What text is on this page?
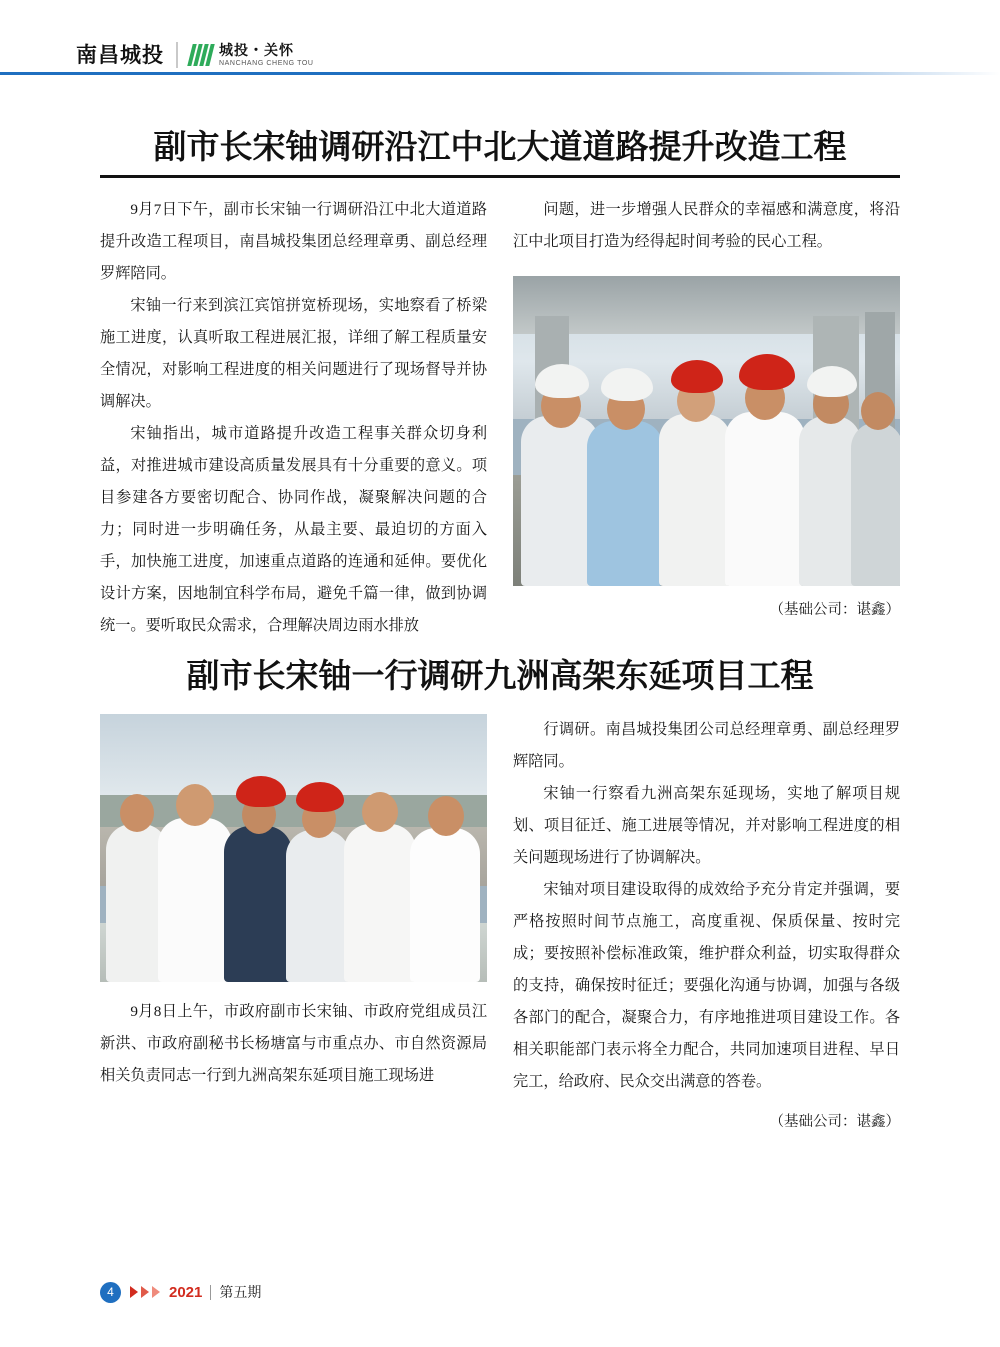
南昌城投	城投・关怀
NANCHANG CHENG TOU
副市长宋铀调研沿江中北大道道路提升改造工程

9月7日下午，副市长宋铀一行调研沿江中北大道道路提升改造工程项目，南昌城投集团总经理章勇、副总经理罗辉陪同。

宋铀一行来到滨江宾馆拼宽桥现场，实地察看了桥梁施工进度，认真听取工程进展汇报，详细了解工程质量安全情况，对影响工程进度的相关问题进行了现场督导并协调解决。

宋铀指出，城市道路提升改造工程事关群众切身利益，对推进城市建设高质量发展具有十分重要的意义。项目参建各方要密切配合、协同作战，凝聚解决问题的合力；同时进一步明确任务，从最主要、最迫切的方面入手，加快施工进度，加速重点道路的连通和延伸。要优化设计方案，因地制宜科学布局，避免千篇一律，做到协调统一。要听取民众需求，合理解决周边雨水排放

问题，进一步增强人民群众的幸福感和满意度，将沿江中北项目打造为经得起时间考验的民心工程。

（基础公司：谌鑫）
副市长宋铀一行调研九洲高架东延项目工程

9月8日上午，市政府副市长宋铀、市政府党组成员江新洪、市政府副秘书长杨塘富与市重点办、市自然资源局相关负责同志一行到九洲高架东延项目施工现场进

行调研。南昌城投集团公司总经理章勇、副总经理罗辉陪同。

宋铀一行察看九洲高架东延现场，实地了解项目规划、项目征迁、施工进展等情况，并对影响工程进度的相关问题现场进行了协调解决。

宋铀对项目建设取得的成效给予充分肯定并强调，要严格按照时间节点施工，高度重视、保质保量、按时完成；要按照补偿标准政策，维护群众利益，切实取得群众的支持，确保按时征迁；要强化沟通与协调，加强与各级各部门的配合，凝聚合力，有序地推进项目建设工作。各相关职能部门表示将全力配合，共同加速项目进程、早日完工，给政府、民众交出满意的答卷。

（基础公司：谌鑫）
4	2021 第五期
